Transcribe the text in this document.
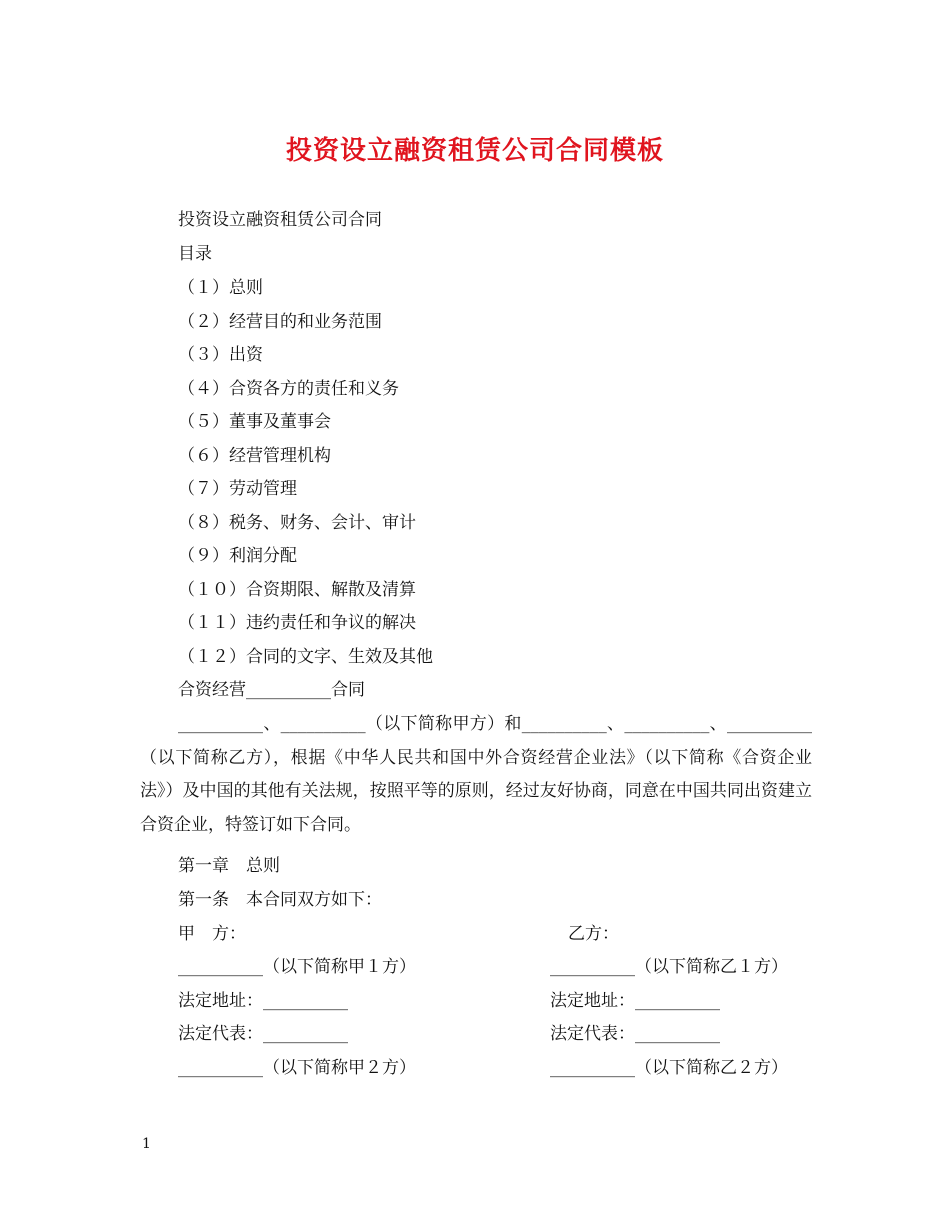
投资设立融资租赁公司合同模板
投资设立融资租赁公司合同
目录
（１）总则
（２）经营目的和业务范围
（３）出资
（４）合资各方的责任和义务
（５）董事及董事会
（６）经营管理机构
（７）劳动管理
（８）税务、财务、会计、审计
（９）利润分配
（１０）合资期限、解散及清算
（１１）违约责任和争议的解决
（１２）合同的文字、生效及其他
合资经营__________合同
__________、__________（以下简称甲方）和__________、__________、__________（以下简称乙方），根据《中华人民共和国中外合资经营企业法》（以下简称《合资企业法》）及中国的其他有关法规，按照平等的原则，经过友好协商，同意在中国共同出资建立合资企业，特签订如下合同。
第一章　总则
第一条　本合同双方如下：
甲　方：	乙方：
__________（以下简称甲１方）	__________（以下简称乙１方）
法定地址：__________	法定地址：__________
法定代表：__________	法定代表：__________
__________（以下简称甲２方）	__________（以下简称乙２方）
1
